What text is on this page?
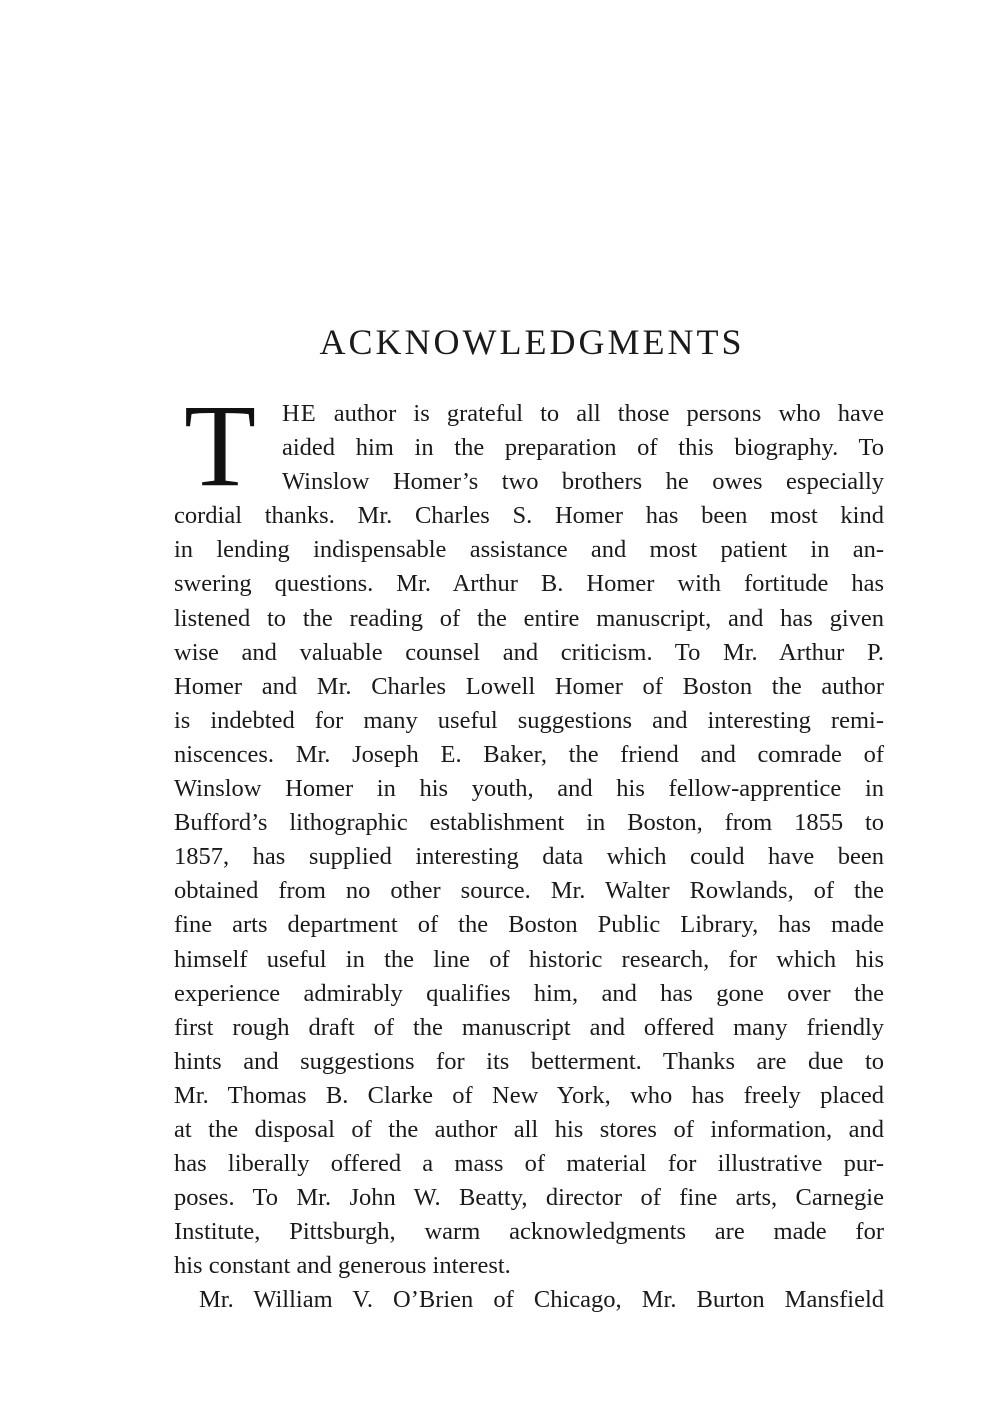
ACKNOWLEDGMENTS
T	HE author is grateful to all those persons who have
aided him in the preparation of this biography. To
Winslow Homer’s two brothers he owes especially
cordial thanks. Mr. Charles S. Homer has been most kind
in lending indispensable assistance and most patient in an-
swering questions. Mr. Arthur B. Homer with fortitude has
listened to the reading of the entire manuscript, and has given
wise and valuable counsel and criticism. To Mr. Arthur P.
Homer and Mr. Charles Lowell Homer of Boston the author
is indebted for many useful suggestions and interesting remi-
niscences. Mr. Joseph E. Baker, the friend and comrade of
Winslow Homer in his youth, and his fellow-apprentice in
Bufford’s lithographic establishment in Boston, from 1855 to
1857, has supplied interesting data which could have been
obtained from no other source. Mr. Walter Rowlands, of the
fine arts department of the Boston Public Library, has made
himself useful in the line of historic research, for which his
experience admirably qualifies him, and has gone over the
first rough draft of the manuscript and offered many friendly
hints and suggestions for its betterment. Thanks are due to
Mr. Thomas B. Clarke of New York, who has freely placed
at the disposal of the author all his stores of information, and
has liberally offered a mass of material for illustrative pur-
poses. To Mr. John W. Beatty, director of fine arts, Carnegie
Institute, Pittsburgh, warm acknowledgments are made for
his constant and generous interest.
Mr. William V. O’Brien of Chicago, Mr. Burton Mansfield
